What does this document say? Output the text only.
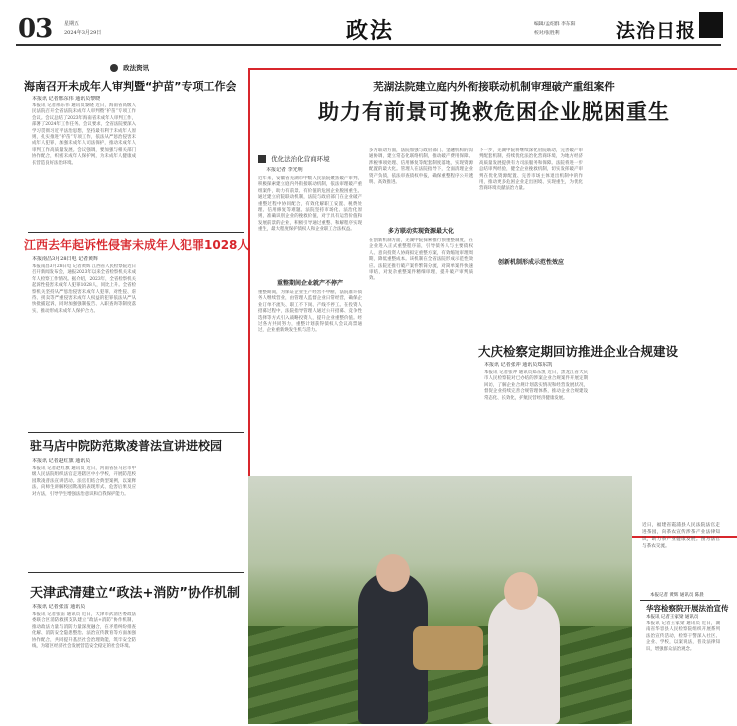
03 星期五
2024年3月29日	政法	编辑/孟绍群 李东阳
校对/张胜利	法治日报
政法资讯
海南召开未成年人审判暨“护苗”专项工作会
本报讯 记者邢东伟 通讯员黎晓
本报讯 记者邢东伟 通讯员黎晓 近日，海南省高级人民法院召开全省法院未成年人审判暨“护苗”专项工作会议。会议总结了2023年海南省未成年人审判工作，部署了2024年工作任务。会议要求，全省法院要深入学习贯彻习近平法治思想，坚持最有利于未成年人原则，扎实推进“护苗”专项工作，依法从严惩治侵害未成年人犯罪，加强未成年人司法保护，推动未成年人审判工作高质量发展。会议强调，要加强与相关部门协作配合，织密未成年人保护网，为未成年人健康成长营造良好法治环境。
江西去年起诉性侵害未成年人犯罪1028人
本报南昌3月28日电 记者黄辉
本报南昌3月28日电 记者黄辉 江西省人民检察院近日召开新闻发布会，通报2023年以来全省检察机关未成年人检察工作情况。据介绍，2023年，全省检察机关起诉性侵害未成年人犯罪1028人，同比上升。全省检察机关坚持从严惩治侵害未成年人犯罪，对性侵、虐待、拐卖等严重侵害未成年人权益的犯罪依法从严从快批捕起诉，同时加强强制报告、入职查询等制度落实，推动形成未成年人保护合力。
驻马店中院防范欺凌普法宣讲进校园
本报讯 记者赵红旗 通讯员
本报讯 记者赵红旗 通讯员 近日，河南省驻马店市中级人民法院组织法官走进辖区中小学校，开展防范校园欺凌普法宣讲活动。法官们结合典型案例，以案释法，向师生讲解校园欺凌的表现形式、危害后果及应对方法，引导学生增强法治意识和自我保护能力。
芜湖法院建立庭内外衔接联动机制审理破产重组案件
助力有前景可挽救危困企业脱困重生
优化法治化营商环境
本报记者 李光明
近年来，安徽省芜湖市中级人民法院聚焦破产审判，积极探索建立庭内外衔接联动机制，依法审理破产重组案件，助力有前景、有价值的危困企业脱困重生。通过建立府院联动机制，法院与政府部门在企业破产重整过程中协同配合，有效化解职工安置、税费处理、信用修复等难题。法院坚持市场化、法治化原则，准确识别企业的挽救价值，对于具有运营价值和发展前景的企业，积极引导通过重整、和解程序实现重生，最大程度保护债权人和企业职工合法权益。
重整期间企业就产不停产
重整期间，为保证企业生产经营不中断，法院准许债务人继续营业，由管理人监督企业日常经营，确保企业订单不流失、职工不下岗、产线不停工。在投资人招募过程中，法院指导管理人通过公开招募、竞争性选择等方式引入战略投资人，提升企业重整价值。经过各方共同努力，重整计划获得债权人会议高票通过，企业重新焕发生机与活力。
多方联动方面，法院加强与政府部门、金融机构的沟通协调，建立常态化联络机制，推动破产费用保障、涉税事项处理、信用修复等配套制度落地，实现资源配置的最大化。管理人在法院指导下，全面清理企业资产负债，依法审查债权申报，确保重整程序公开透明、高效推进。
多方联动实现资源最大化
在创新机制方面，芜湖中院探索推行预重整制度，在企业进入正式重整程序前，引导债务人与主要债权人、意向投资人协商拟定重整方案，有效缩短审理周期，降低重整成本。该机制在全省法院形成示范性效应。法院还推行破产案件繁简分流，对简单案件快速审结，对复杂重整案件精细审理，提升破产审判质效。
下一步，芜湖中院将继续深化府院联动，完善破产审判配套机制，持续优化法治化营商环境，为地方经济高质量发展提供有力司法服务和保障。法院将进一步总结审判经验，健全企业挽救机制，切实发挥破产审判在优化资源配置、完善市场主体退出机制中的作用，推动更多危困企业走出困境、实现重生，为优化营商环境贡献法治力量。
创新机制形成示范性效应
大庆检察定期回访推进企业合规建设
本报讯 记者张冲 通讯员郑东凯
本报讯 记者张冲 通讯员郑东凯 近日，黑龙江省大庆市人民检察院对已办结的涉案企业合规案件开展定期回访，了解企业合规计划落实情况和经营发展状况，督促企业持续完善合规管理体系，推动企业合规建设常态化、长效化，护航民营经济健康发展。
近日，福建省霞浦县人民法院法官走进茶园，向茶农宣传涉茶产业法律知识，助力茶产业健康发展。图为法官与茶农交流。
本报记者 黄辉 通讯员 陈晨
华容检察院开展法治宣传
本报讯 记者王家梁 通讯员
本报讯 记者王家梁 通讯员 近日，湖南省华容县人民检察院组织开展系列法治宣传活动，检察干警深入社区、企业、学校，以案说法，普及法律知识，增强群众法治观念。
天津武清建立“政法+消防”协作机制
本报讯 记者张雷 通讯员
本报讯 记者张雷 通讯员 近日，天津市武清区委政法委联合区消防救援支队建立“政法+消防”协作机制，推动政法力量与消防力量深度融合，在矛盾纠纷排查化解、消防安全隐患整治、法治宣传教育等方面加强协作配合，共同提升基层社会治理效能，筑牢安全防线，为辖区经济社会发展营造安全稳定的社会环境。
